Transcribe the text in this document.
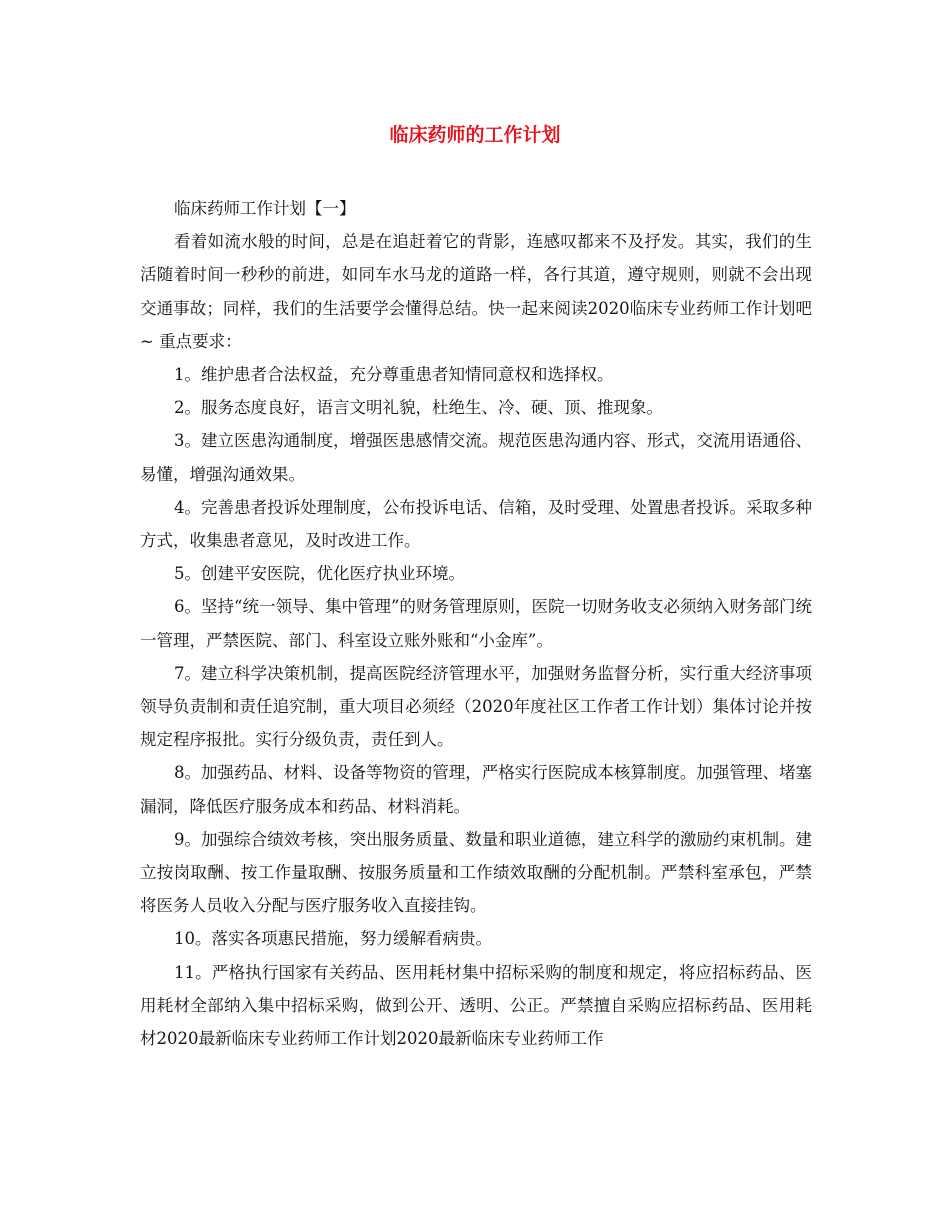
临床药师的工作计划

临床药师工作计划【一】

看着如流水般的时间，总是在追赶着它的背影，连感叹都来不及抒发。其实，我们的生活随着时间一秒秒的前进，如同车水马龙的道路一样，各行其道，遵守规则，则就不会出现交通事故；同样，我们的生活要学会懂得总结。快一起来阅读2020临床专业药师工作计划吧~ 重点要求：

1。维护患者合法权益，充分尊重患者知情同意权和选择权。

2。服务态度良好，语言文明礼貌，杜绝生、冷、硬、顶、推现象。

3。建立医患沟通制度，增强医患感情交流。规范医患沟通内容、形式，交流用语通俗、易懂，增强沟通效果。

4。完善患者投诉处理制度，公布投诉电话、信箱，及时受理、处置患者投诉。采取多种方式，收集患者意见，及时改进工作。

5。创建平安医院，优化医疗执业环境。

6。坚持“统一领导、集中管理”的财务管理原则，医院一切财务收支必须纳入财务部门统一管理，严禁医院、部门、科室设立账外账和“小金库”。

7。建立科学决策机制，提高医院经济管理水平，加强财务监督分析，实行重大经济事项领导负责制和责任追究制，重大项目必须经（2020年度社区工作者工作计划）集体讨论并按规定程序报批。实行分级负责，责任到人。

8。加强药品、材料、设备等物资的管理，严格实行医院成本核算制度。加强管理、堵塞漏洞，降低医疗服务成本和药品、材料消耗。

9。加强综合绩效考核，突出服务质量、数量和职业道德，建立科学的激励约束机制。建立按岗取酬、按工作量取酬、按服务质量和工作绩效取酬的分配机制。严禁科室承包，严禁将医务人员收入分配与医疗服务收入直接挂钩。

10。落实各项惠民措施，努力缓解看病贵。

11。严格执行国家有关药品、医用耗材集中招标采购的制度和规定，将应招标药品、医用耗材全部纳入集中招标采购，做到公开、透明、公正。严禁擅自采购应招标药品、医用耗材2020最新临床专业药师工作计划2020最新临床专业药师工作
